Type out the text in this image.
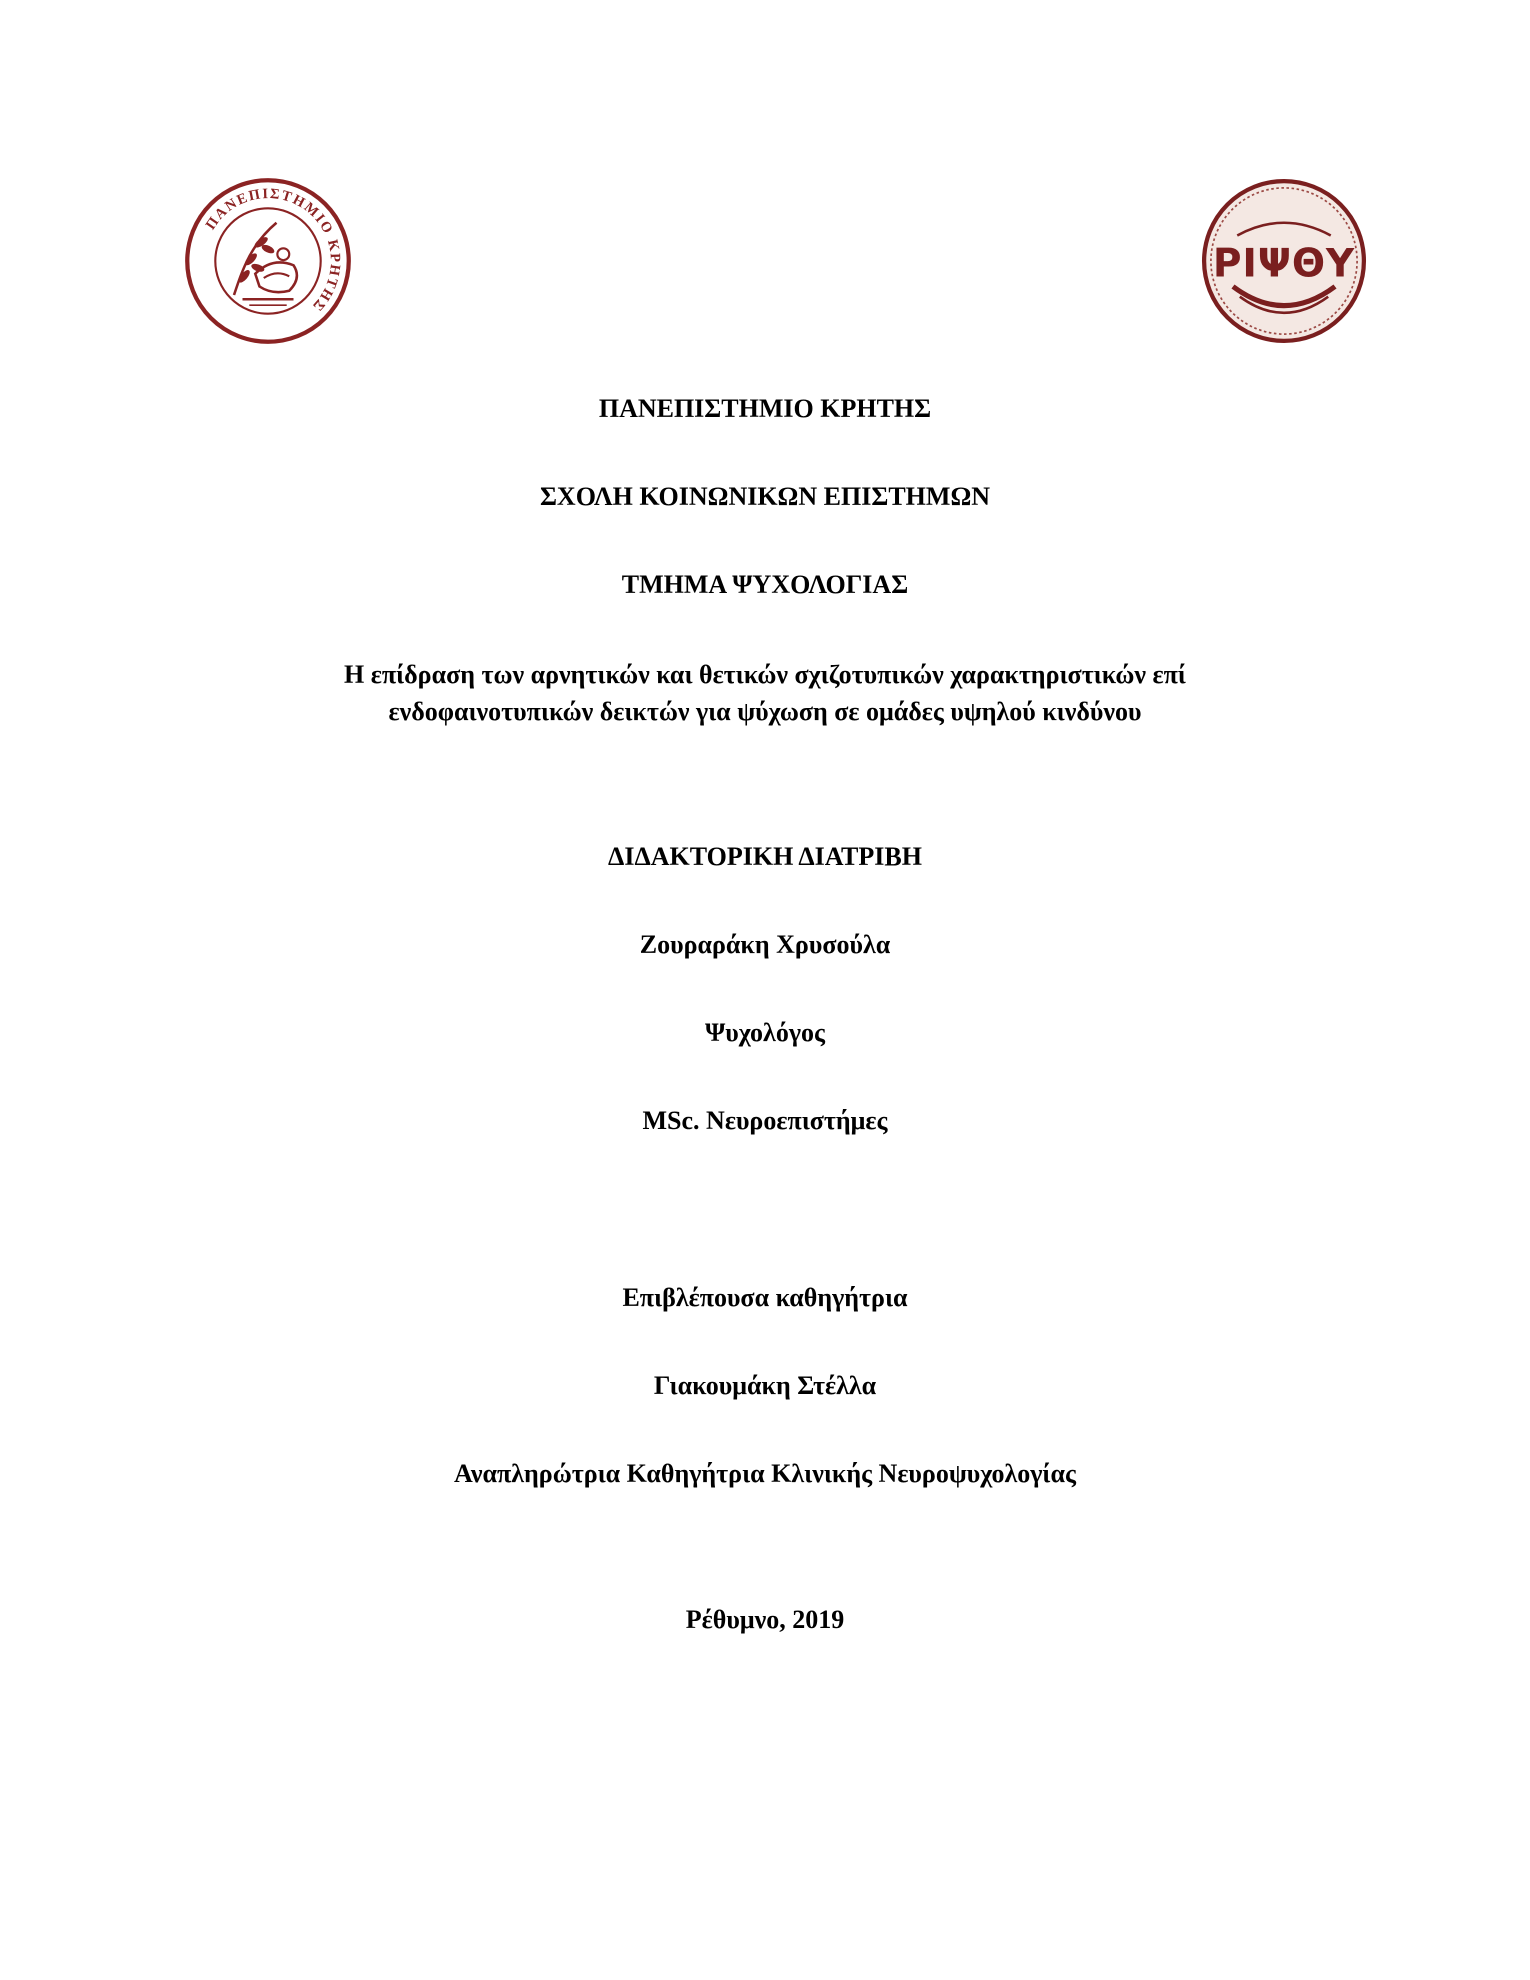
ΠΑΝΕΠΙΣΤΗΜΙΟ ΚΡΗΤΗΣ
ΡΙΨΘΥ
ΠΑΝΕΠΙΣΤΗΜΙΟ ΚΡΗΤΗΣ
ΣΧΟΛΗ ΚΟΙΝΩΝΙΚΩΝ ΕΠΙΣΤΗΜΩΝ
ΤΜΗΜΑ ΨΥΧΟΛΟΓΙΑΣ
Η επίδραση των αρνητικών και θετικών σχιζοτυπικών χαρακτηριστικών επί
ενδοφαινοτυπικών δεικτών για ψύχωση σε ομάδες υψηλού κινδύνου
ΔΙΔΑΚΤΟΡΙΚΗ ΔΙΑΤΡΙΒΗ
Ζουραράκη Χρυσούλα
Ψυχολόγος
MSc. Νευροεπιστήμες
Επιβλέπουσα καθηγήτρια
Γιακουμάκη Στέλλα
Αναπληρώτρια Καθηγήτρια Κλινικής Νευροψυχολογίας
Ρέθυμνο, 2019
